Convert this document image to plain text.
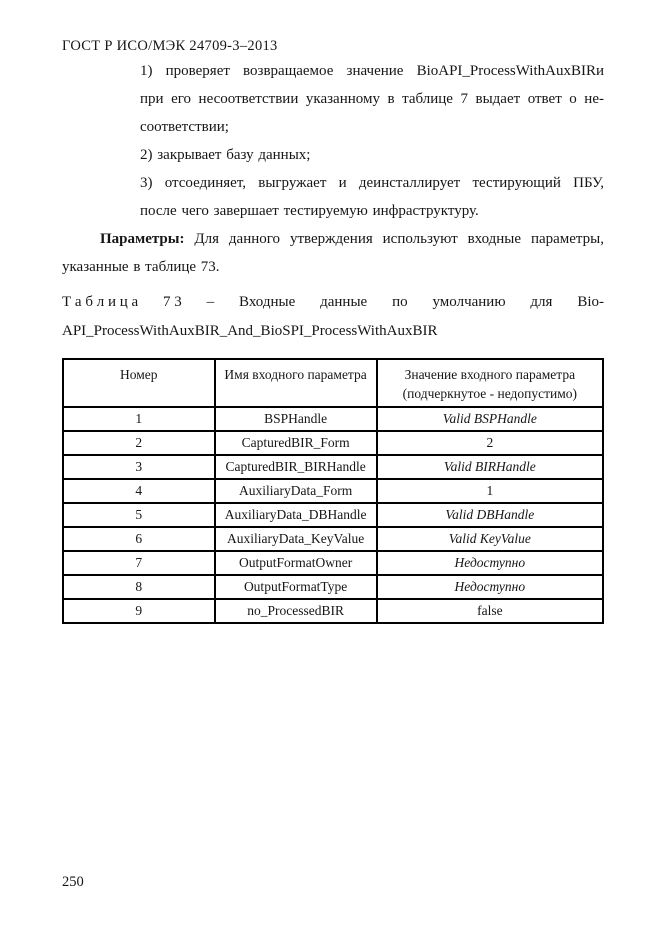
ГОСТ Р ИСО/МЭК 24709-3–2013
1) проверяет возвращаемое значение BioAPI_ProcessWithAuxBIRи
при его несоответствии указанному в таблице 7 выдает ответ о не-
соответствии;
2) закрывает базу данных;
3) отсоединяет, выгружает и деинсталлирует тестирующий ПБУ,
после чего завершает тестируемую инфраструктуру.
Параметры: Для данного утверждения используют входные параметры,
указанные в таблице 73.
Т а б л и ц а 7 3 – Входные данные по умолчанию для Bio-
API_ProcessWithAuxBIR_And_BioSPI_ProcessWithAuxBIR
Номер	Имя входного параметра	Значение входного параметра
(подчеркнутое - недопустимо)

1	BSPHandle	Valid BSPHandle
2	CapturedBIR_Form	2
3	CapturedBIR_BIRHandle	Valid BIRHandle
4	AuxiliaryData_Form	1
5	AuxiliaryData_DBHandle	Valid DBHandle
6	AuxiliaryData_KeyValue	Valid KeyValue
7	OutputFormatOwner	Недоступно
8	OutputFormatType	Недоступно
9	no_ProcessedBIR	false
250
